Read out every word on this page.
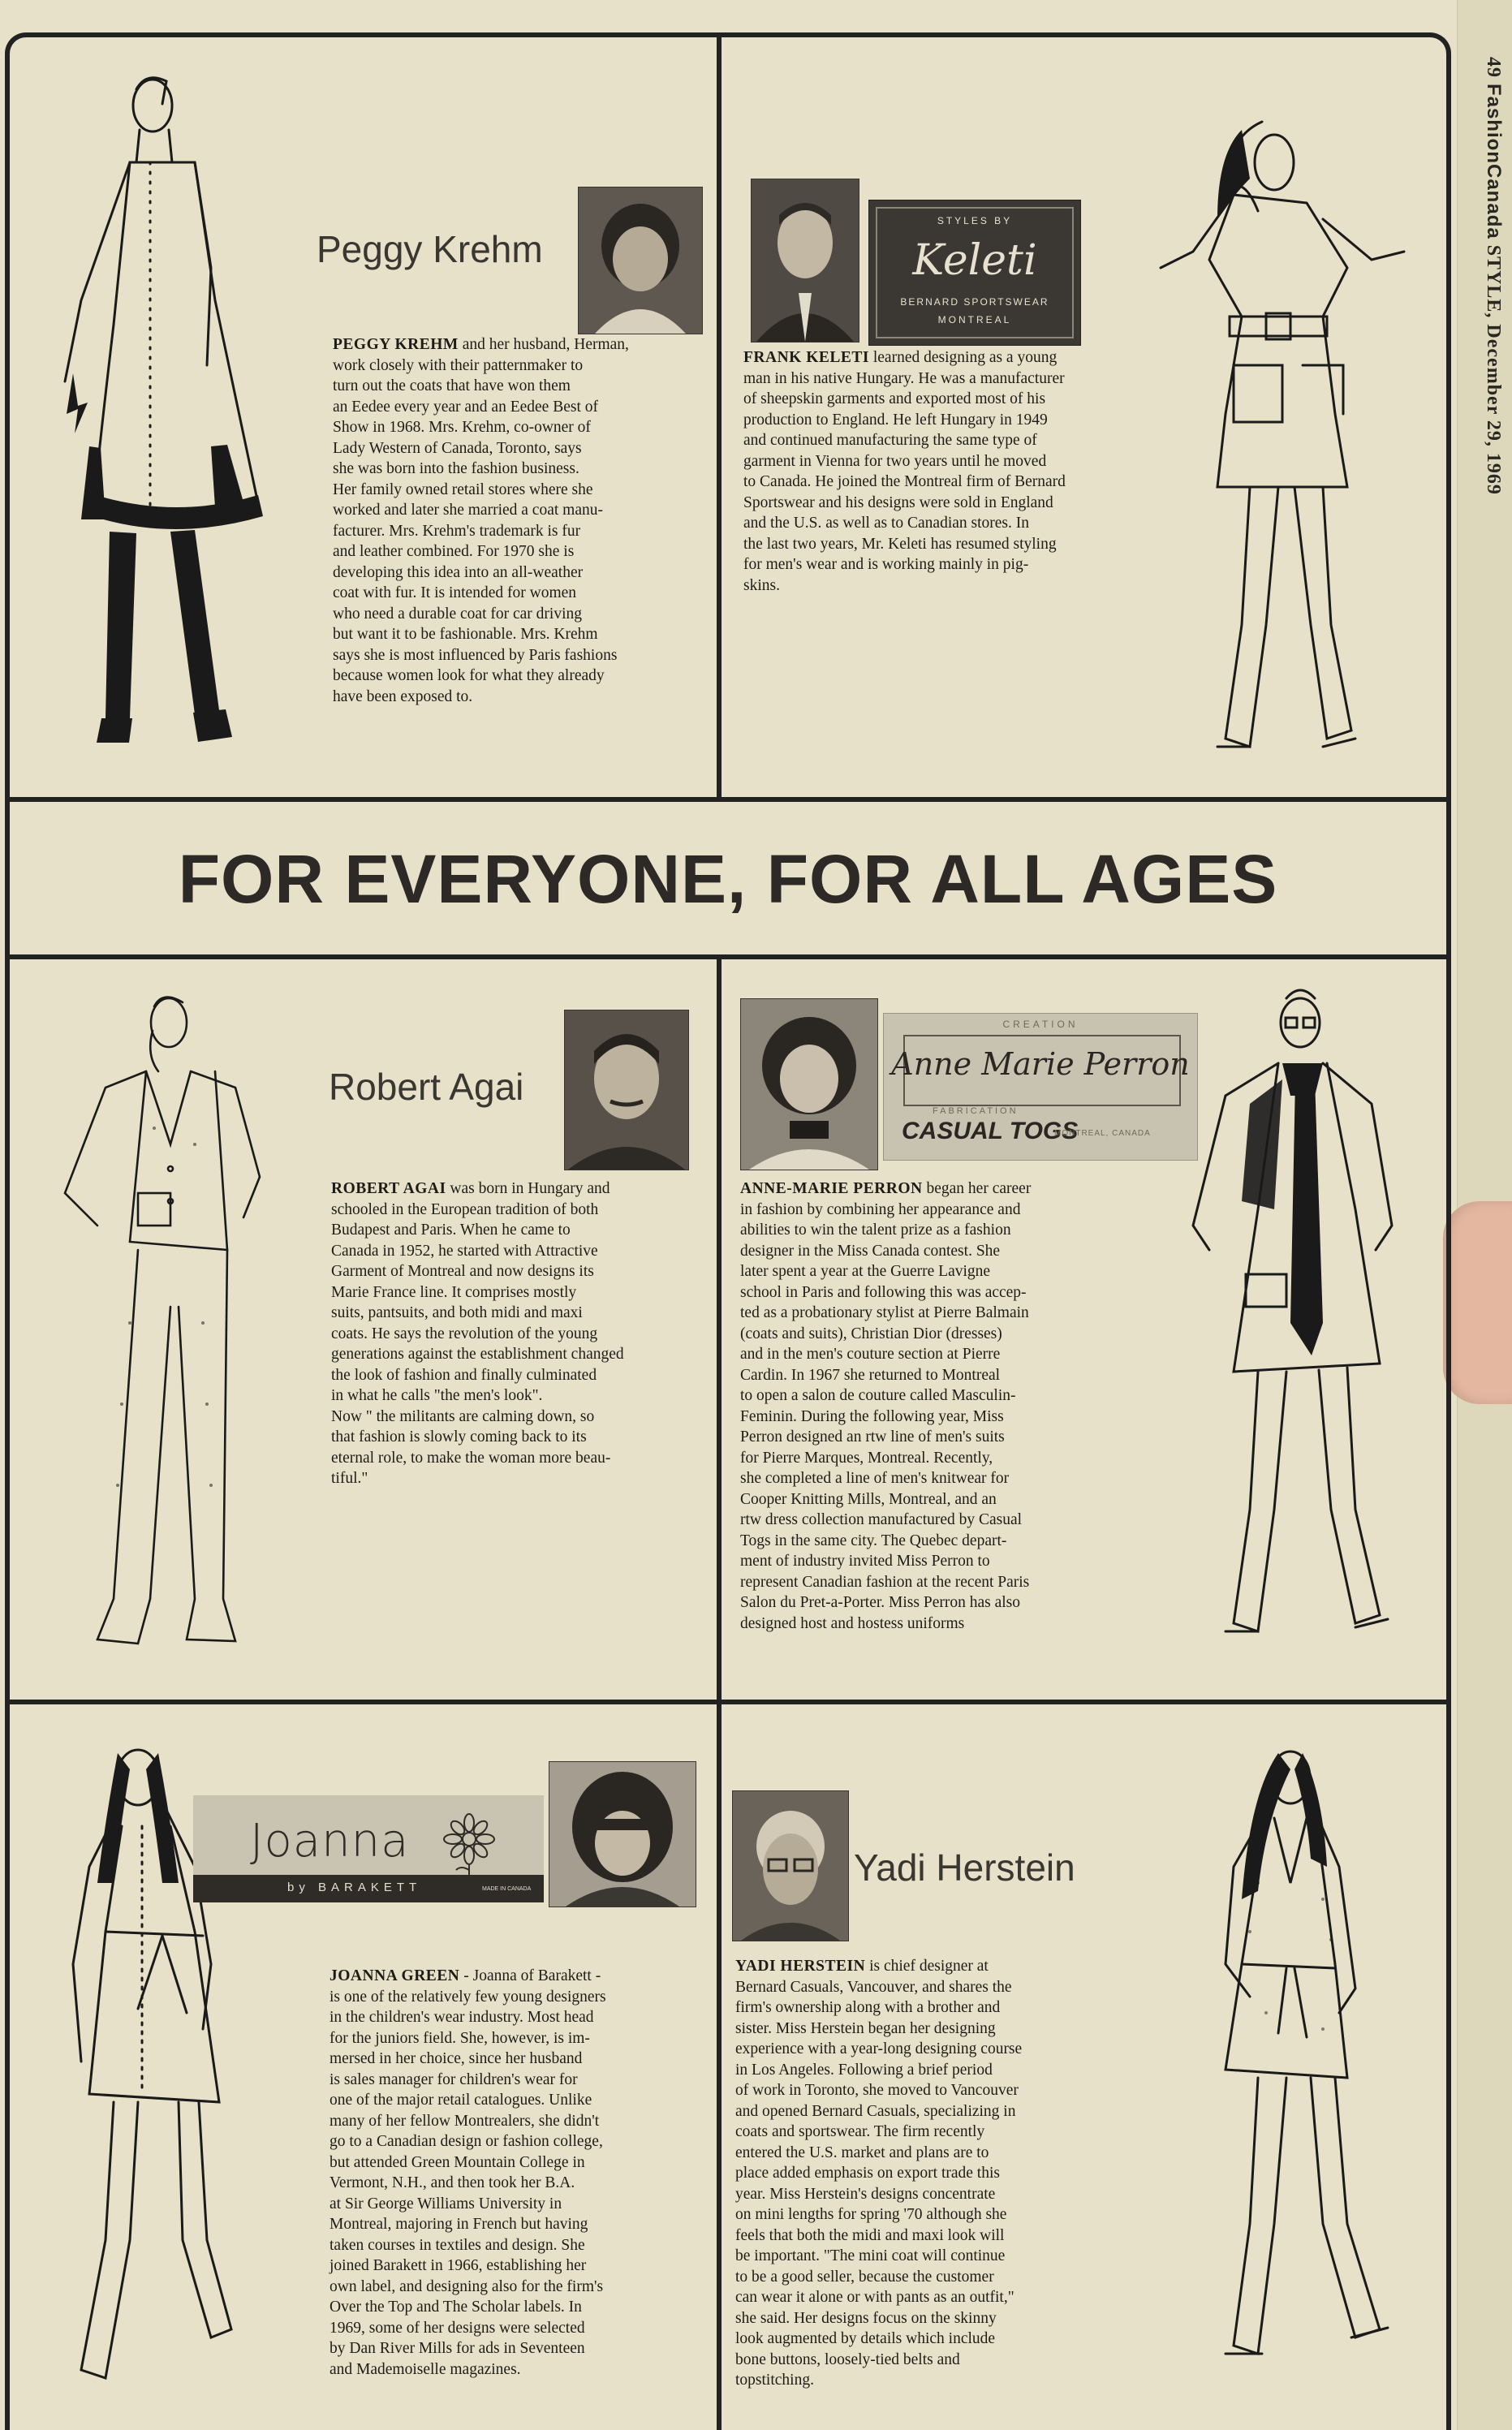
49 FashionCanada STYLE, December 29, 1969
Peggy Krehm

PEGGY KREHM and her husband, Herman,
work closely with their patternmaker to
turn out the coats that have won them
an Eedee every year and an Eedee Best of
Show in 1968. Mrs. Krehm, co-owner of
Lady Western of Canada, Toronto, says
she was born into the fashion business.
Her family owned retail stores where she
worked and later she married a coat manu-
facturer. Mrs. Krehm's trademark is fur
and leather combined. For 1970 she is
developing this idea into an all-weather
coat with fur. It is intended for women
who need a durable coat for car driving
but want it to be fashionable. Mrs. Krehm
says she is most influenced by Paris fashions
because women look for what they already
have been exposed to.

STYLES BY
Keleti
BERNARD SPORTSWEAR
MONTREAL

FRANK KELETI learned designing as a young
man in his native Hungary. He was a manufacturer
of sheepskin garments and exported most of his
production to England. He left Hungary in 1949
and continued manufacturing the same type of
garment in Vienna for two years until he moved
to Canada. He joined the Montreal firm of Bernard
Sportswear and his designs were sold in England
and the U.S. as well as to Canadian stores. In
the last two years, Mr. Keleti has resumed styling
for men's wear and is working mainly in pig-
skins.

FOR EVERYONE, FOR ALL AGES
Robert Agai

ROBERT AGAI was born in Hungary and
schooled in the European tradition of both
Budapest and Paris. When he came to
Canada in 1952, he started with Attractive
Garment of Montreal and now designs its
Marie France line. It comprises mostly
suits, pantsuits, and both midi and maxi
coats. He says the revolution of the young
generations against the establishment changed
the look of fashion and finally culminated
in what he calls "the men's look".
Now " the militants are calming down, so
that fashion is slowly coming back to its
eternal role, to make the woman more beau-
tiful."

CREATION
Anne Marie Perron
FABRICATION
CASUAL TOGS
MONTREAL, CANADA

ANNE-MARIE PERRON began her career
in fashion by combining her appearance and
abilities to win the talent prize as a fashion
designer in the Miss Canada contest. She
later spent a year at the Guerre Lavigne
school in Paris and following this was accep-
ted as a probationary stylist at Pierre Balmain
(coats and suits), Christian Dior (dresses)
and in the men's couture section at Pierre
Cardin. In 1967 she returned to Montreal
to open a salon de couture called Masculin-
Feminin. During the following year, Miss
Perron designed an rtw line of men's suits
for Pierre Marques, Montreal. Recently,
she completed a line of men's knitwear for
Cooper Knitting Mills, Montreal, and an
rtw dress collection manufactured by Casual
Togs in the same city. The Quebec depart-
ment of industry invited Miss Perron to
represent Canadian fashion at the recent Paris
Salon du Pret-a-Porter. Miss Perron has also
designed host and hostess uniforms

Joanna
by BARAKETT	MADE IN CANADA

JOANNA GREEN - Joanna of Barakett -
is one of the relatively few young designers
in the children's wear industry. Most head
for the juniors field. She, however, is im-
mersed in her choice, since her husband
is sales manager for children's wear for
one of the major retail catalogues. Unlike
many of her fellow Montrealers, she didn't
go to a Canadian design or fashion college,
but attended Green Mountain College in
Vermont, N.H., and then took her B.A.
at Sir George Williams University in
Montreal, majoring in French but having
taken courses in textiles and design. She
joined Barakett in 1966, establishing her
own label, and designing also for the firm's
Over the Top and The Scholar labels. In
1969, some of her designs were selected
by Dan River Mills for ads in Seventeen
and Mademoiselle magazines.

Yadi Herstein

YADI HERSTEIN is chief designer at
Bernard Casuals, Vancouver, and shares the
firm's ownership along with a brother and
sister. Miss Herstein began her designing
experience with a year-long designing course
in Los Angeles. Following a brief period
of work in Toronto, she moved to Vancouver
and opened Bernard Casuals, specializing in
coats and sportswear. The firm recently
entered the U.S. market and plans are to
place added emphasis on export trade this
year. Miss Herstein's designs concentrate
on mini lengths for spring '70 although she
feels that both the midi and maxi look will
be important. "The mini coat will continue
to be a good seller, because the customer
can wear it alone or with pants as an outfit,"
she said. Her designs focus on the skinny
look augmented by details which include
bone buttons, loosely-tied belts and
topstitching.
